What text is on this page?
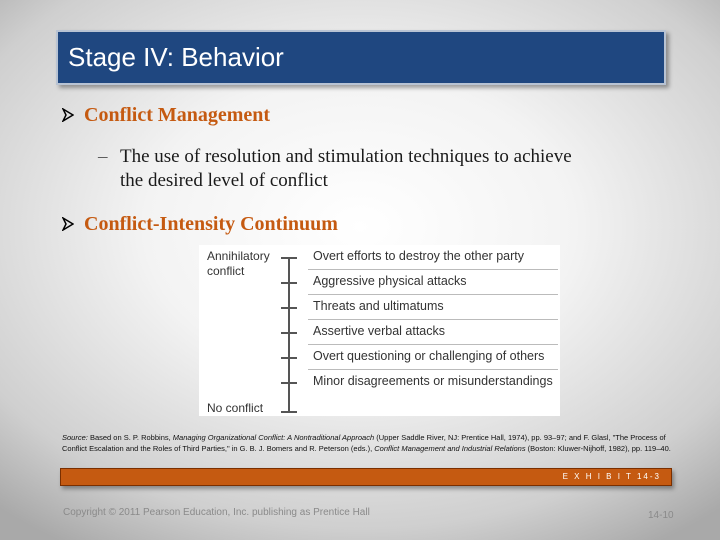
Stage IV: Behavior
Conflict Management
– The use of resolution and stimulation techniques to achieve
the desired level of conflict
Conflict-Intensity Continuum
Annihilatory conflict
No conflict
Overt efforts to destroy the other party
Aggressive physical attacks
Threats and ultimatums
Assertive verbal attacks
Overt questioning or challenging of others
Minor disagreements or misunderstandings
Source: Based on S. P. Robbins, Managing Organizational Conflict: A Nontraditional Approach (Upper Saddle River, NJ: Prentice Hall, 1974), pp. 93–97; and F. Glasl, "The Process of Conflict Escalation and the Roles of Third Parties," in G. B. J. Bomers and R. Peterson (eds.), Conflict Management and Industrial Relations (Boston: Kluwer-Nijhoff, 1982), pp. 119–40.
E X H I B I T 14-3
Copyright © 2011 Pearson Education, Inc. publishing as Prentice Hall	14-10
